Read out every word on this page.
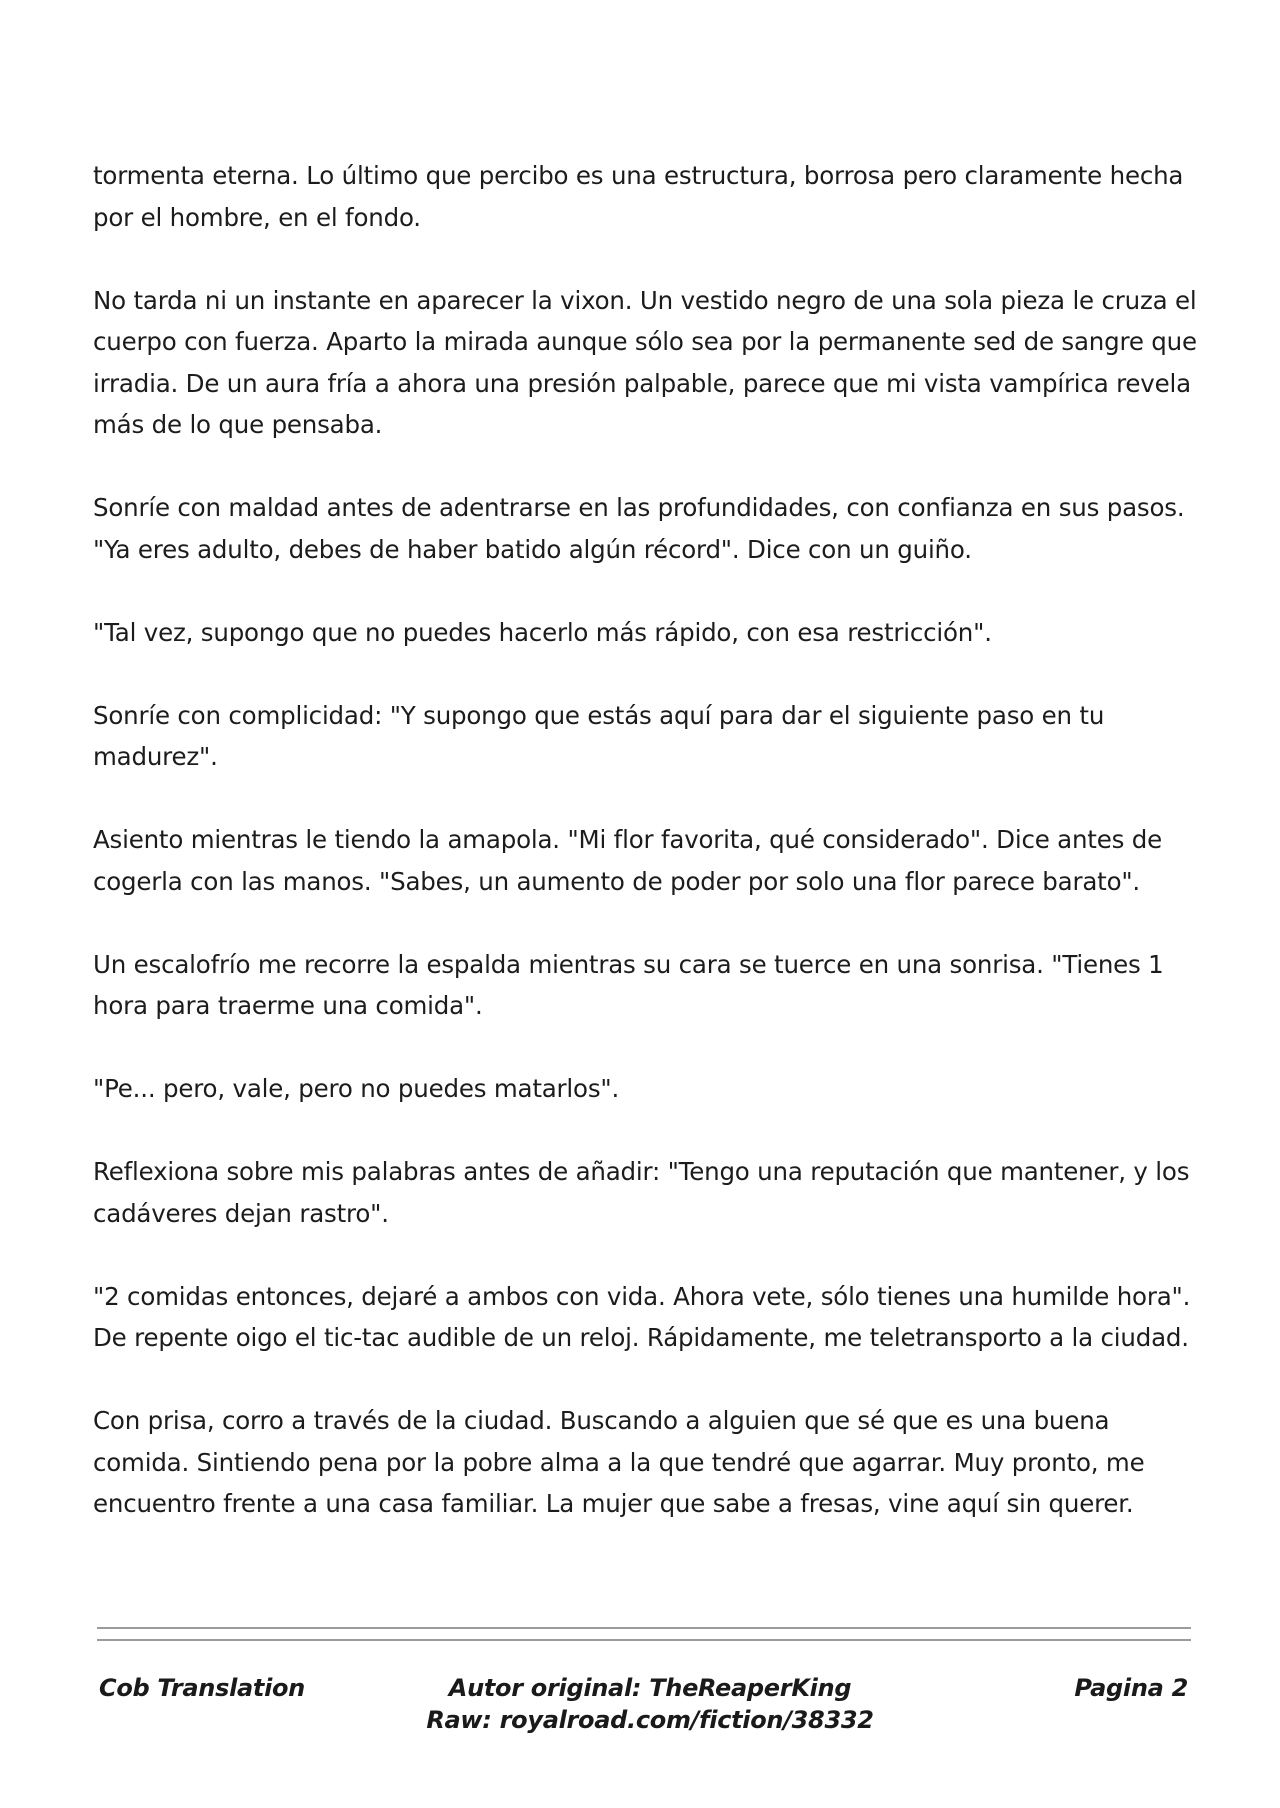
tormenta eterna. Lo último que percibo es una estructura, borrosa pero claramente hecha por el hombre, en el fondo.

No tarda ni un instante en aparecer la vixon. Un vestido negro de una sola pieza le cruza el cuerpo con fuerza. Aparto la mirada aunque sólo sea por la permanente sed de sangre que irradia. De un aura fría a ahora una presión palpable, parece que mi vista vampírica revela más de lo que pensaba.

Sonríe con maldad antes de adentrarse en las profundidades, con confianza en sus pasos. "Ya eres adulto, debes de haber batido algún récord". Dice con un guiño.

"Tal vez, supongo que no puedes hacerlo más rápido, con esa restricción".

Sonríe con complicidad: "Y supongo que estás aquí para dar el siguiente paso en tu madurez".

Asiento mientras le tiendo la amapola. "Mi flor favorita, qué considerado". Dice antes de cogerla con las manos. "Sabes, un aumento de poder por solo una flor parece barato".

Un escalofrío me recorre la espalda mientras su cara se tuerce en una sonrisa. "Tienes 1 hora para traerme una comida".

"Pe... pero, vale, pero no puedes matarlos".

Reflexiona sobre mis palabras antes de añadir: "Tengo una reputación que mantener, y los cadáveres dejan rastro".

"2 comidas entonces, dejaré a ambos con vida. Ahora vete, sólo tienes una humilde hora". De repente oigo el tic-tac audible de un reloj. Rápidamente, me teletransporto a la ciudad.

Con prisa, corro a través de la ciudad. Buscando a alguien que sé que es una buena comida. Sintiendo pena por la pobre alma a la que tendré que agarrar. Muy pronto, me encuentro frente a una casa familiar. La mujer que sabe a fresas, vine aquí sin querer.

Cob Translation	Autor original: TheReaperKing
Raw: royalroad.com/fiction/38332
Pagina 2
